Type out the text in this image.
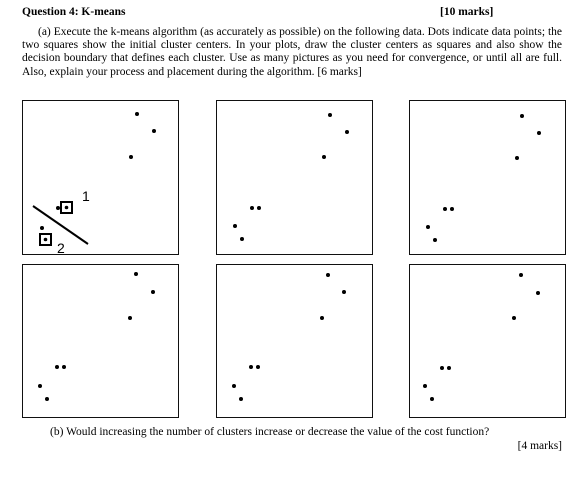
Question 4: K-means	[10 marks]
(a) Execute the k-means algorithm (as accurately as possible) on the following data. Dots indicate data points; the two squares show the initial cluster centers. In your plots, draw the cluster centers as squares and also show the decision boundary that defines each cluster. Use as many pictures as you need for convergence, or until all are full. Also, explain your process and placement during the algorithm. [6 marks]
1
2
(b) Would increasing the number of clusters increase or decrease the value of the cost function?
[4 marks]
